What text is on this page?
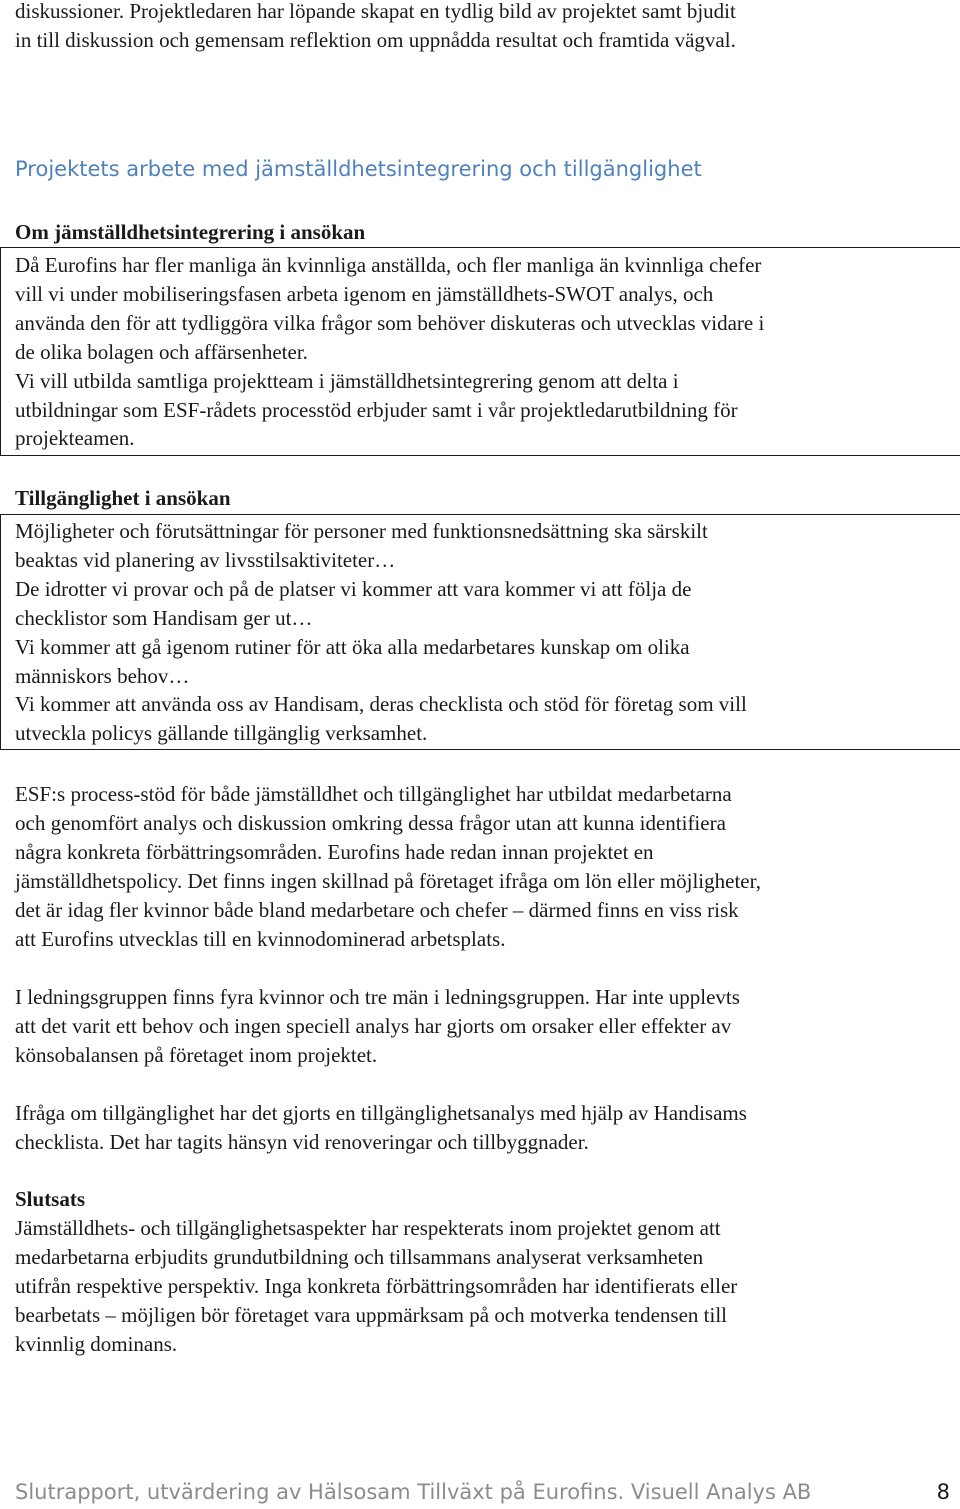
diskussioner. Projektledaren har löpande skapat en tydlig bild av projektet samt bjudit
in till diskussion och gemensam reflektion om uppnådda resultat och framtida vägval.

Projektets arbete med jämställdhetsintegrering och tillgänglighet
Om jämställdhetsintegrering i ansökan

Då Eurofins har fler manliga än kvinnliga anställda, och fler manliga än kvinnliga chefer
vill vi under mobiliseringsfasen arbeta igenom en jämställdhets-SWOT analys, och
använda den för att tydliggöra vilka frågor som behöver diskuteras och utvecklas vidare i
de olika bolagen och affärsenheter.
Vi vill utbilda samtliga projektteam i jämställdhetsintegrering genom att delta i
utbildningar som ESF-rådets processtöd erbjuder samt i vår projektledarutbildning för
projekteamen.

Tillgänglighet i ansökan

Möjligheter och förutsättningar för personer med funktionsnedsättning ska särskilt
beaktas vid planering av livsstilsaktiviteter…
De idrotter vi provar och på de platser vi kommer att vara kommer vi att följa de
checklistor som Handisam ger ut…
Vi kommer att gå igenom rutiner för att öka alla medarbetares kunskap om olika
människors behov…
Vi kommer att använda oss av Handisam, deras checklista och stöd för företag som vill
utveckla policys gällande tillgänglig verksamhet.

ESF:s process-stöd för både jämställdhet och tillgänglighet har utbildat medarbetarna
och genomfört analys och diskussion omkring dessa frågor utan att kunna identifiera
några konkreta förbättringsområden. Eurofins hade redan innan projektet en
jämställdhetspolicy. Det finns ingen skillnad på företaget ifråga om lön eller möjligheter,
det är idag fler kvinnor både bland medarbetare och chefer – därmed finns en viss risk
att Eurofins utvecklas till en kvinnodominerad arbetsplats.

I ledningsgruppen finns fyra kvinnor och tre män i ledningsgruppen. Har inte upplevts
att det varit ett behov och ingen speciell analys har gjorts om orsaker eller effekter av
könsobalansen på företaget inom projektet.

Ifråga om tillgänglighet har det gjorts en tillgänglighetsanalys med hjälp av Handisams
checklista. Det har tagits hänsyn vid renoveringar och tillbyggnader.

Slutsats

Jämställdhets- och tillgänglighetsaspekter har respekterats inom projektet genom att
medarbetarna erbjudits grundutbildning och tillsammans analyserat verksamheten
utifrån respektive perspektiv. Inga konkreta förbättringsområden har identifierats eller
bearbetats – möjligen bör företaget vara uppmärksam på och motverka tendensen till
kvinnlig dominans.

Slutrapport, utvärdering av Hälsosam Tillväxt på Eurofins. Visuell Analys AB	8
